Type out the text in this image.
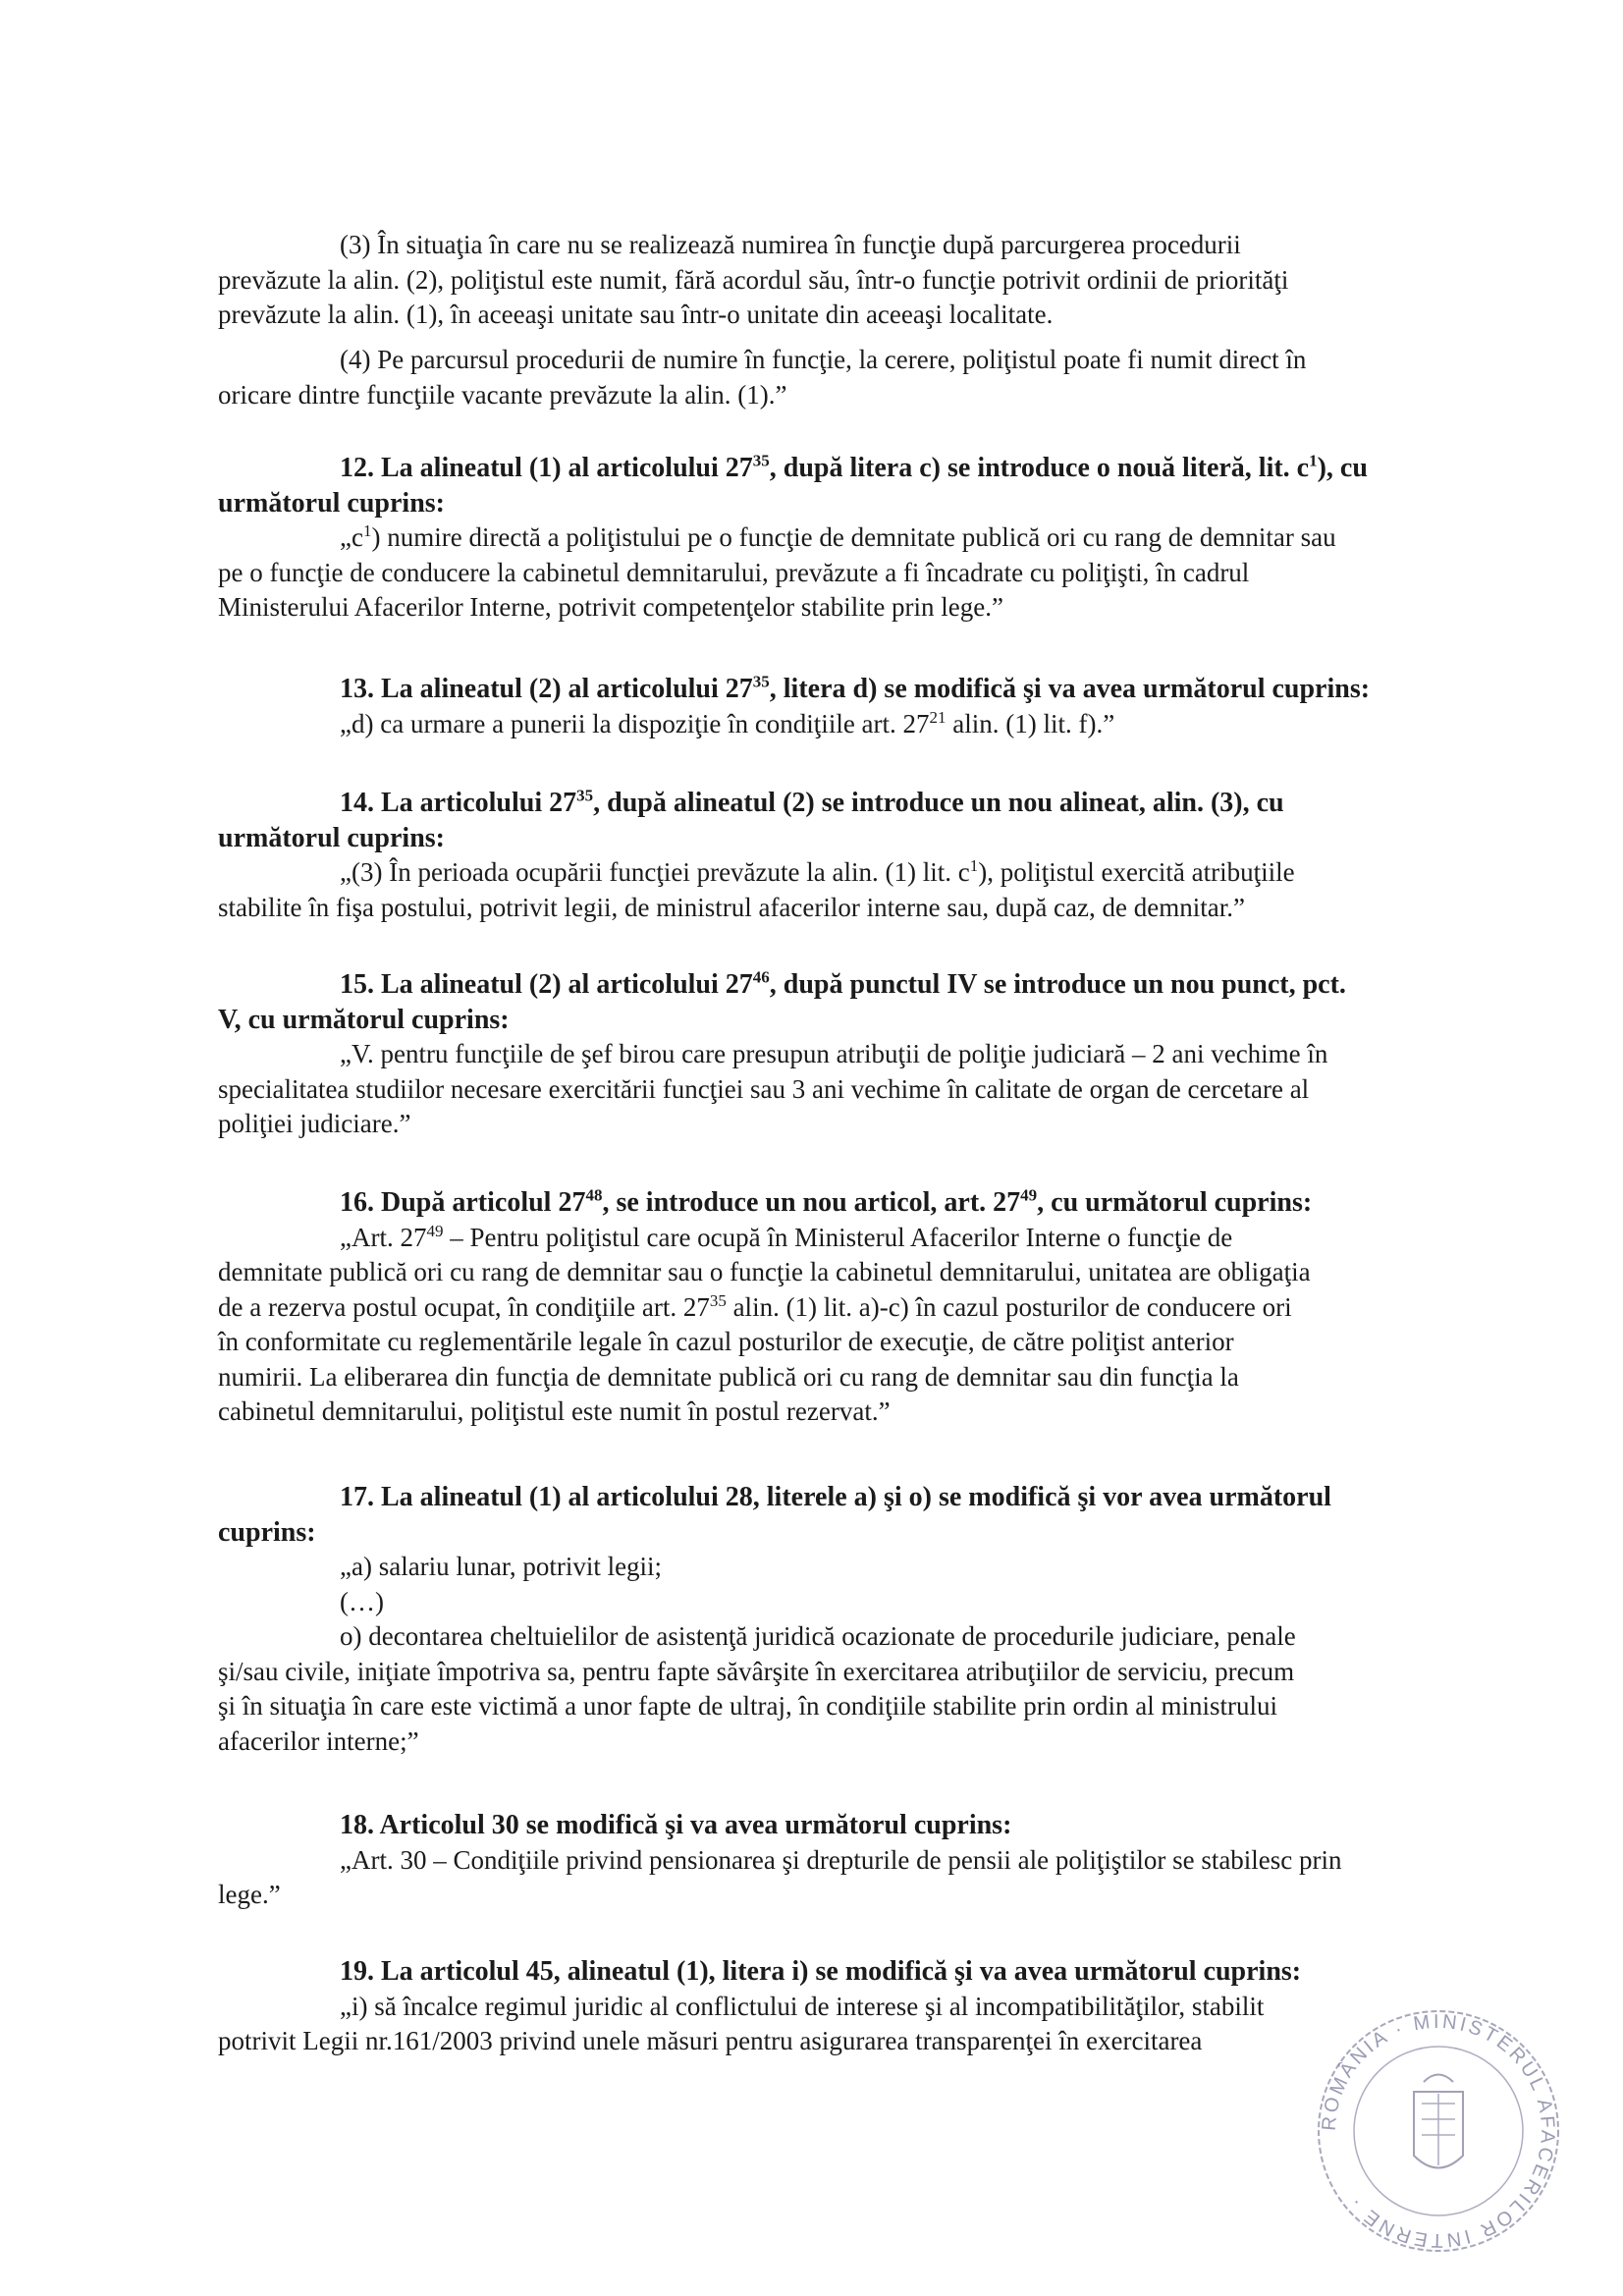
(3) În situaţia în care nu se realizează numirea în funcţie după parcurgerea procedurii

prevăzute la alin. (2), poliţistul este numit, fără acordul său, într-o funcţie potrivit ordinii de priorităţi

prevăzute la alin. (1), în aceeaşi unitate sau într-o unitate din aceeaşi localitate.

(4) Pe parcursul procedurii de numire în funcţie, la cerere, poliţistul poate fi numit direct în

oricare dintre funcţiile vacante prevăzute la alin. (1).”

12. La alineatul (1) al articolului $27^{35}$, după litera c) se introduce o nouă literă, lit. $c^1$), cu

următorul cuprins:

$„c^1$) numire directă a poliţistului pe o funcţie de demnitate publică ori cu rang de demnitar sau

pe o funcţie de conducere la cabinetul demnitarului, prevăzute a fi încadrate cu poliţişti, în cadrul

Ministerului Afacerilor Interne, potrivit competenţelor stabilite prin lege.”

13. La alineatul (2) al articolului $27^{35}$, litera d) se modifică şi va avea următorul cuprins:

„d) ca urmare a punerii la dispoziţie în condiţiile art. $27^{21}$ alin. (1) lit. f).”

14. La articolului $27^{35}$, după alineatul (2) se introduce un nou alineat, alin. (3), cu

următorul cuprins:

„(3) În perioada ocupării funcţiei prevăzute la alin. (1) lit. $c^1$), poliţistul exercită atribuţiile

stabilite în fişa postului, potrivit legii, de ministrul afacerilor interne sau, după caz, de demnitar.”

15. La alineatul (2) al articolului $27^{46}$, după punctul IV se introduce un nou punct, pct.

V, cu următorul cuprins:

„V. pentru funcţiile de şef birou care presupun atribuţii de poliţie judiciară – 2 ani vechime în

specialitatea studiilor necesare exercitării funcţiei sau 3 ani vechime în calitate de organ de cercetare al

poliţiei judiciare.”

16. După articolul $27^{48}$, se introduce un nou articol, art. $27^{49}$, cu următorul cuprins:

„Art. $27^{49}$ – Pentru poliţistul care ocupă în Ministerul Afacerilor Interne o funcţie de

demnitate publică ori cu rang de demnitar sau o funcţie la cabinetul demnitarului, unitatea are obligaţia

de a rezerva postul ocupat, în condiţiile art. $27^{35}$ alin. (1) lit. a)-c) în cazul posturilor de conducere ori

în conformitate cu reglementările legale în cazul posturilor de execuţie, de către poliţist anterior

numirii. La eliberarea din funcţia de demnitate publică ori cu rang de demnitar sau din funcţia la

cabinetul demnitarului, poliţistul este numit în postul rezervat.”

17. La alineatul (1) al articolului 28, literele a) şi o) se modifică şi vor avea următorul

cuprins:

„a) salariu lunar, potrivit legii;

(…)

o) decontarea cheltuielilor de asistenţă juridică ocazionate de procedurile judiciare, penale

şi/sau civile, iniţiate împotriva sa, pentru fapte săvârşite în exercitarea atribuţiilor de serviciu, precum

şi în situaţia în care este victimă a unor fapte de ultraj, în condiţiile stabilite prin ordin al ministrului

afacerilor interne;”

18. Articolul 30 se modifică şi va avea următorul cuprins:

„Art. 30 – Condiţiile privind pensionarea şi drepturile de pensii ale poliţiştilor se stabilesc prin

lege.”

19. La articolul 45, alineatul (1), litera i) se modifică şi va avea următorul cuprins:

„i) să încalce regimul juridic al conflictului de interese şi al incompatibilităţilor, stabilit

potrivit Legii nr.161/2003 privind unele măsuri pentru asigurarea transparenţei în exercitarea

ROMÂNIA · MINISTERUL AFACERILOR INTERNE ·
